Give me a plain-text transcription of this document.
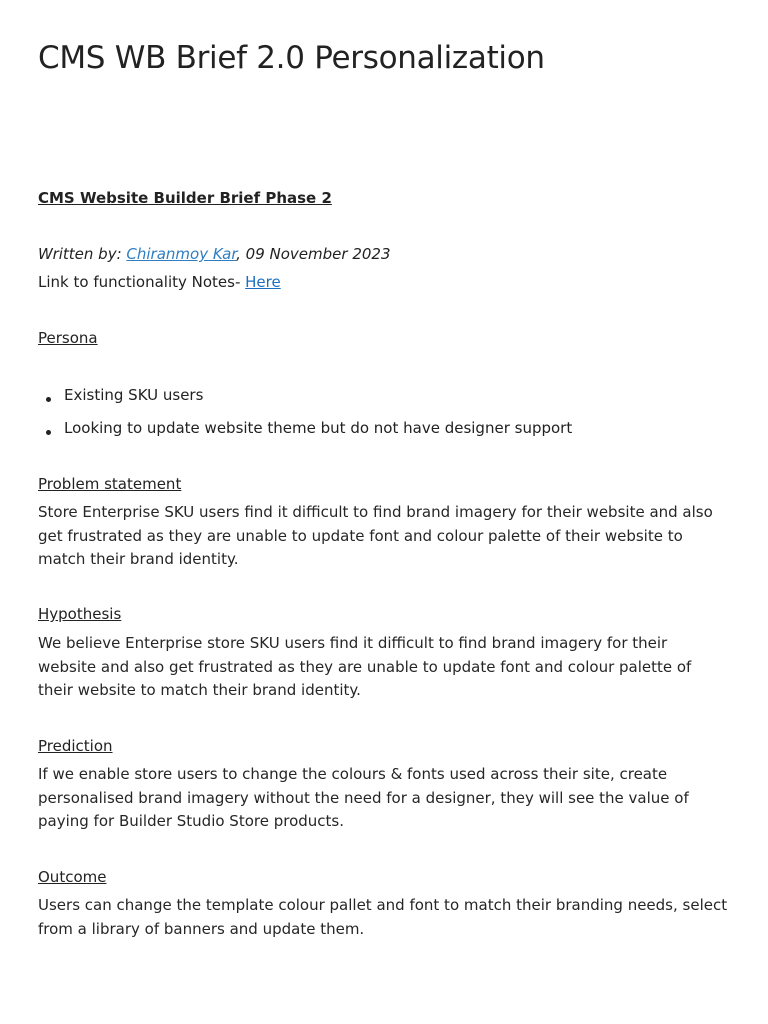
CMS WB Brief 2.0 Personalization

CMS Website Builder Brief Phase 2

Written by: Chiranmoy Kar, 09 November 2023
Link to functionality Notes- Here
Persona
Existing SKU users
Looking to update website theme but do not have designer support
Problem statement

Store Enterprise SKU users find it difficult to find brand imagery for their website and also get frustrated as they are unable to update font and colour palette of their website to match their brand identity.

Hypothesis

We believe Enterprise store SKU users find it difficult to find brand imagery for their website and also get frustrated as they are unable to update font and colour palette of their website to match their brand identity.

Prediction

If we enable store users to change the colours & fonts used across their site, create personalised brand imagery without the need for a designer, they will see the value of paying for Builder Studio Store products.

Outcome

Users can change the template colour pallet and font to match their branding needs, select from a library of banners and update them.
